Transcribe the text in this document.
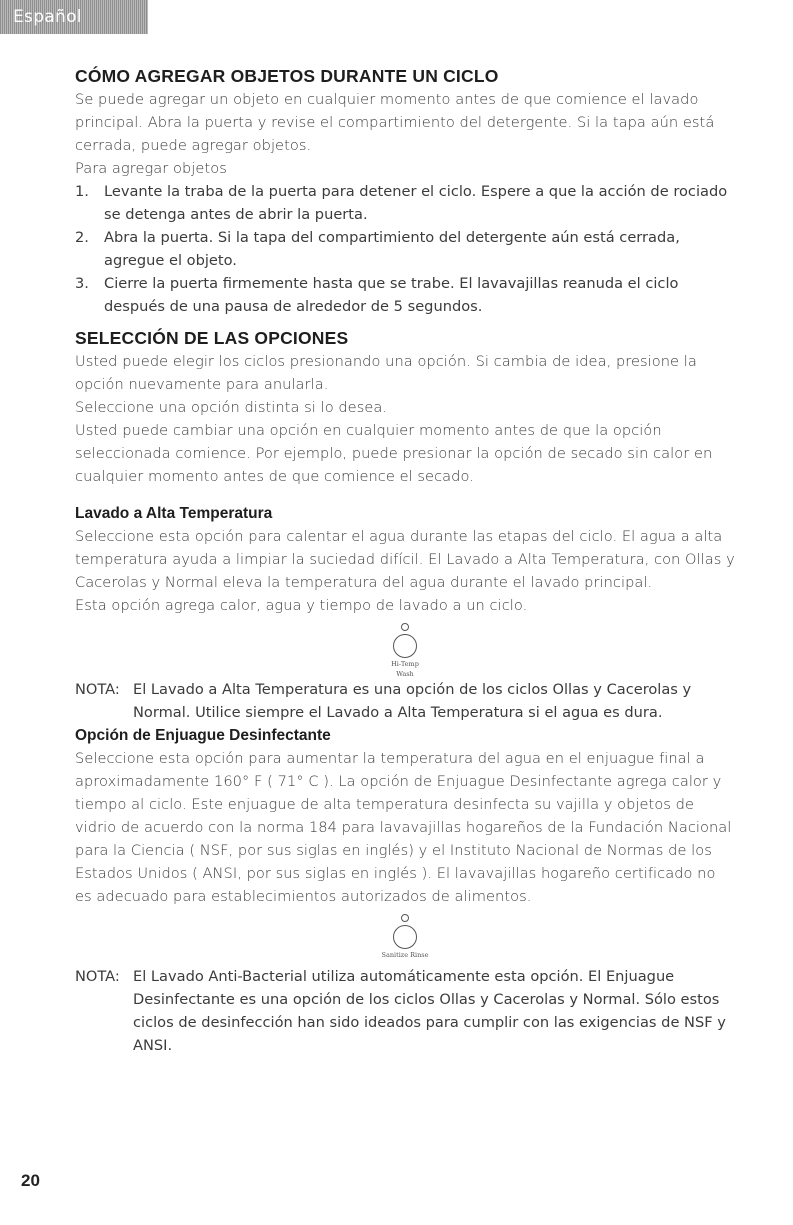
Español
CÓMO AGREGAR OBJETOS DURANTE UN CICLO

Se puede agregar un objeto en cualquier momento antes de que comience el lavado principal. Abra la puerta y revise el compartimiento del detergente. Si la tapa aún está cerrada, puede agregar objetos.

Para agregar objetos

1.	Levante la traba de la puerta para detener el ciclo. Espere a que la acción de rociado se detenga antes de abrir la puerta.
2.	Abra la puerta. Si la tapa del compartimiento del detergente aún está cerrada, agregue el objeto.
3.	Cierre la puerta firmemente hasta que se trabe. El lavavajillas reanuda el ciclo después de una pausa de alrededor de 5 segundos.
SELECCIÓN DE LAS OPCIONES

Usted puede elegir los ciclos presionando una opción. Si cambia de idea, presione la opción nuevamente para anularla.

Seleccione una opción distinta si lo desea.

Usted puede cambiar una opción en cualquier momento antes de que la opción seleccionada comience. Por ejemplo, puede presionar la opción de secado sin calor en cualquier momento antes de que comience el secado.

Lavado a Alta Temperatura

Seleccione esta opción para calentar el agua durante las etapas del ciclo. El agua a alta temperatura ayuda a limpiar la suciedad difícil. El Lavado a Alta Temperatura, con Ollas y Cacerolas y Normal eleva la temperatura del agua durante el lavado principal.

Esta opción agrega calor, agua y tiempo de lavado a un ciclo.

Hi-Temp
Wash
NOTA: El Lavado a Alta Temperatura es una opción de los ciclos Ollas y Cacerolas y Normal. Utilice siempre el Lavado a Alta Temperatura si el agua es dura.
Opción de Enjuague Desinfectante

Seleccione esta opción para aumentar la temperatura del agua en el enjuague final a aproximadamente 160° F ( 71° C ). La opción de Enjuague Desinfectante agrega calor y tiempo al ciclo. Este enjuague de alta temperatura desinfecta su vajilla y objetos de vidrio de acuerdo con la norma 184 para lavavajillas hogareños de la Fundación Nacional para la Ciencia ( NSF, por sus siglas en inglés) y el Instituto Nacional de Normas de los Estados Unidos ( ANSI, por sus siglas en inglés ). El lavavajillas hogareño certificado no es adecuado para establecimientos autorizados de alimentos.

Sanitize Rinse
NOTA: El Lavado Anti-Bacterial utiliza automáticamente esta opción. El Enjuague Desinfectante es una opción de los ciclos Ollas y Cacerolas y Normal. Sólo estos ciclos de desinfección han sido ideados para cumplir con las exigencias de NSF y ANSI.
20
